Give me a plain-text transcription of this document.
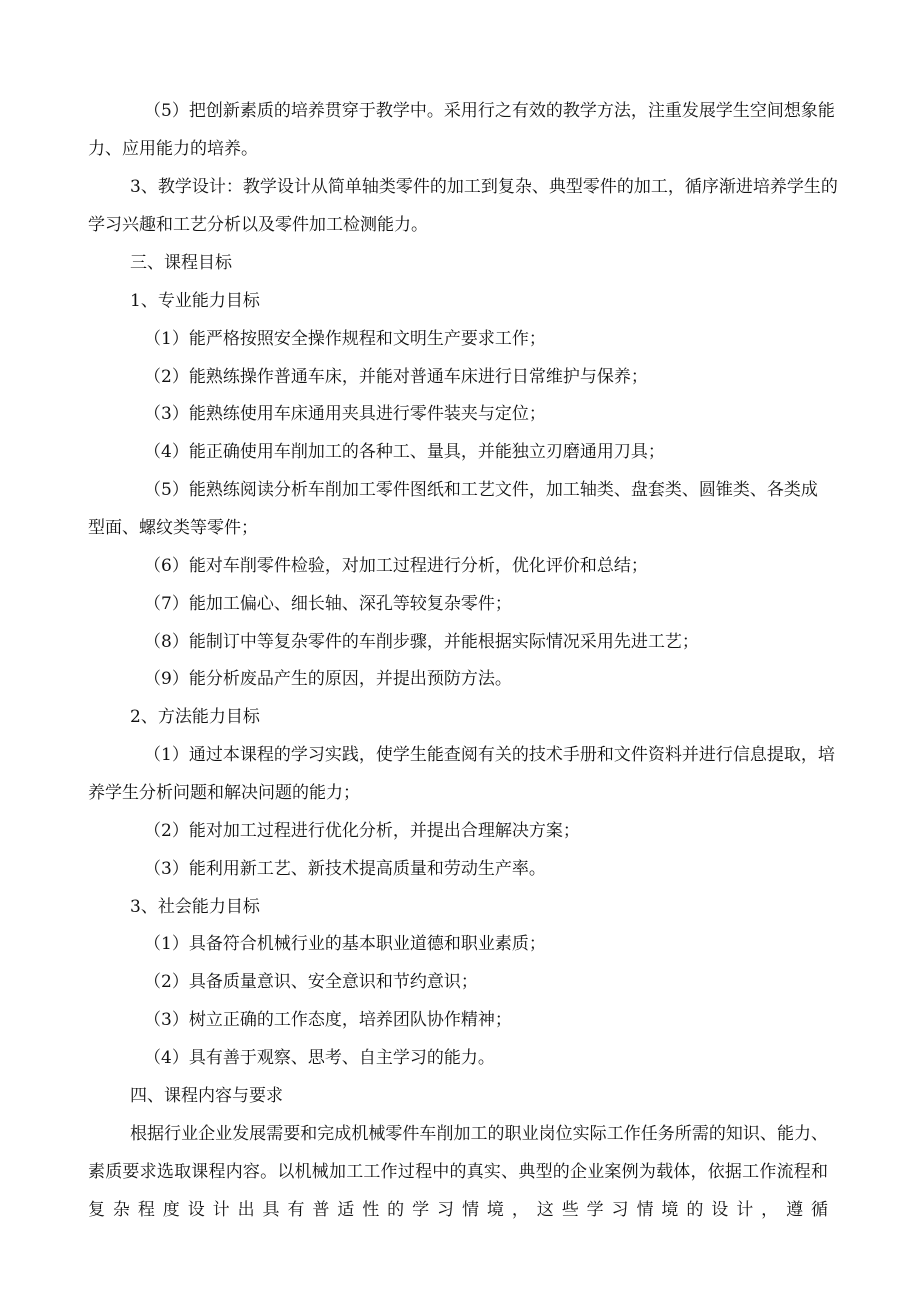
（5）把创新素质的培养贯穿于教学中。采用行之有效的教学方法，注重发展学生空间想象能
力、应用能力的培养。
3、教学设计：教学设计从简单轴类零件的加工到复杂、典型零件的加工，循序渐进培养学生的
学习兴趣和工艺分析以及零件加工检测能力。
三、课程目标
1、专业能力目标
（1）能严格按照安全操作规程和文明生产要求工作；
（2）能熟练操作普通车床，并能对普通车床进行日常维护与保养；
（3）能熟练使用车床通用夹具进行零件装夹与定位；
（4）能正确使用车削加工的各种工、量具，并能独立刃磨通用刀具；
（5）能熟练阅读分析车削加工零件图纸和工艺文件，加工轴类、盘套类、圆锥类、各类成
型面、螺纹类等零件；
（6）能对车削零件检验，对加工过程进行分析，优化评价和总结；
（7）能加工偏心、细长轴、深孔等较复杂零件；
（8）能制订中等复杂零件的车削步骤，并能根据实际情况采用先进工艺；
（9）能分析废品产生的原因，并提出预防方法。
2、方法能力目标
（1）通过本课程的学习实践，使学生能查阅有关的技术手册和文件资料并进行信息提取，培
养学生分析问题和解决问题的能力；
（2）能对加工过程进行优化分析，并提出合理解决方案；
（3）能利用新工艺、新技术提高质量和劳动生产率。
3、社会能力目标
（1）具备符合机械行业的基本职业道德和职业素质；
（2）具备质量意识、安全意识和节约意识；
（3）树立正确的工作态度，培养团队协作精神；
（4）具有善于观察、思考、自主学习的能力。
四、课程内容与要求
根据行业企业发展需要和完成机械零件车削加工的职业岗位实际工作任务所需的知识、能力、
素质要求选取课程内容。以机械加工工作过程中的真实、典型的企业案例为载体，依据工作流程和
复杂程度设计出具有普适性的学习情境，这些学习情境的设计，遵循
